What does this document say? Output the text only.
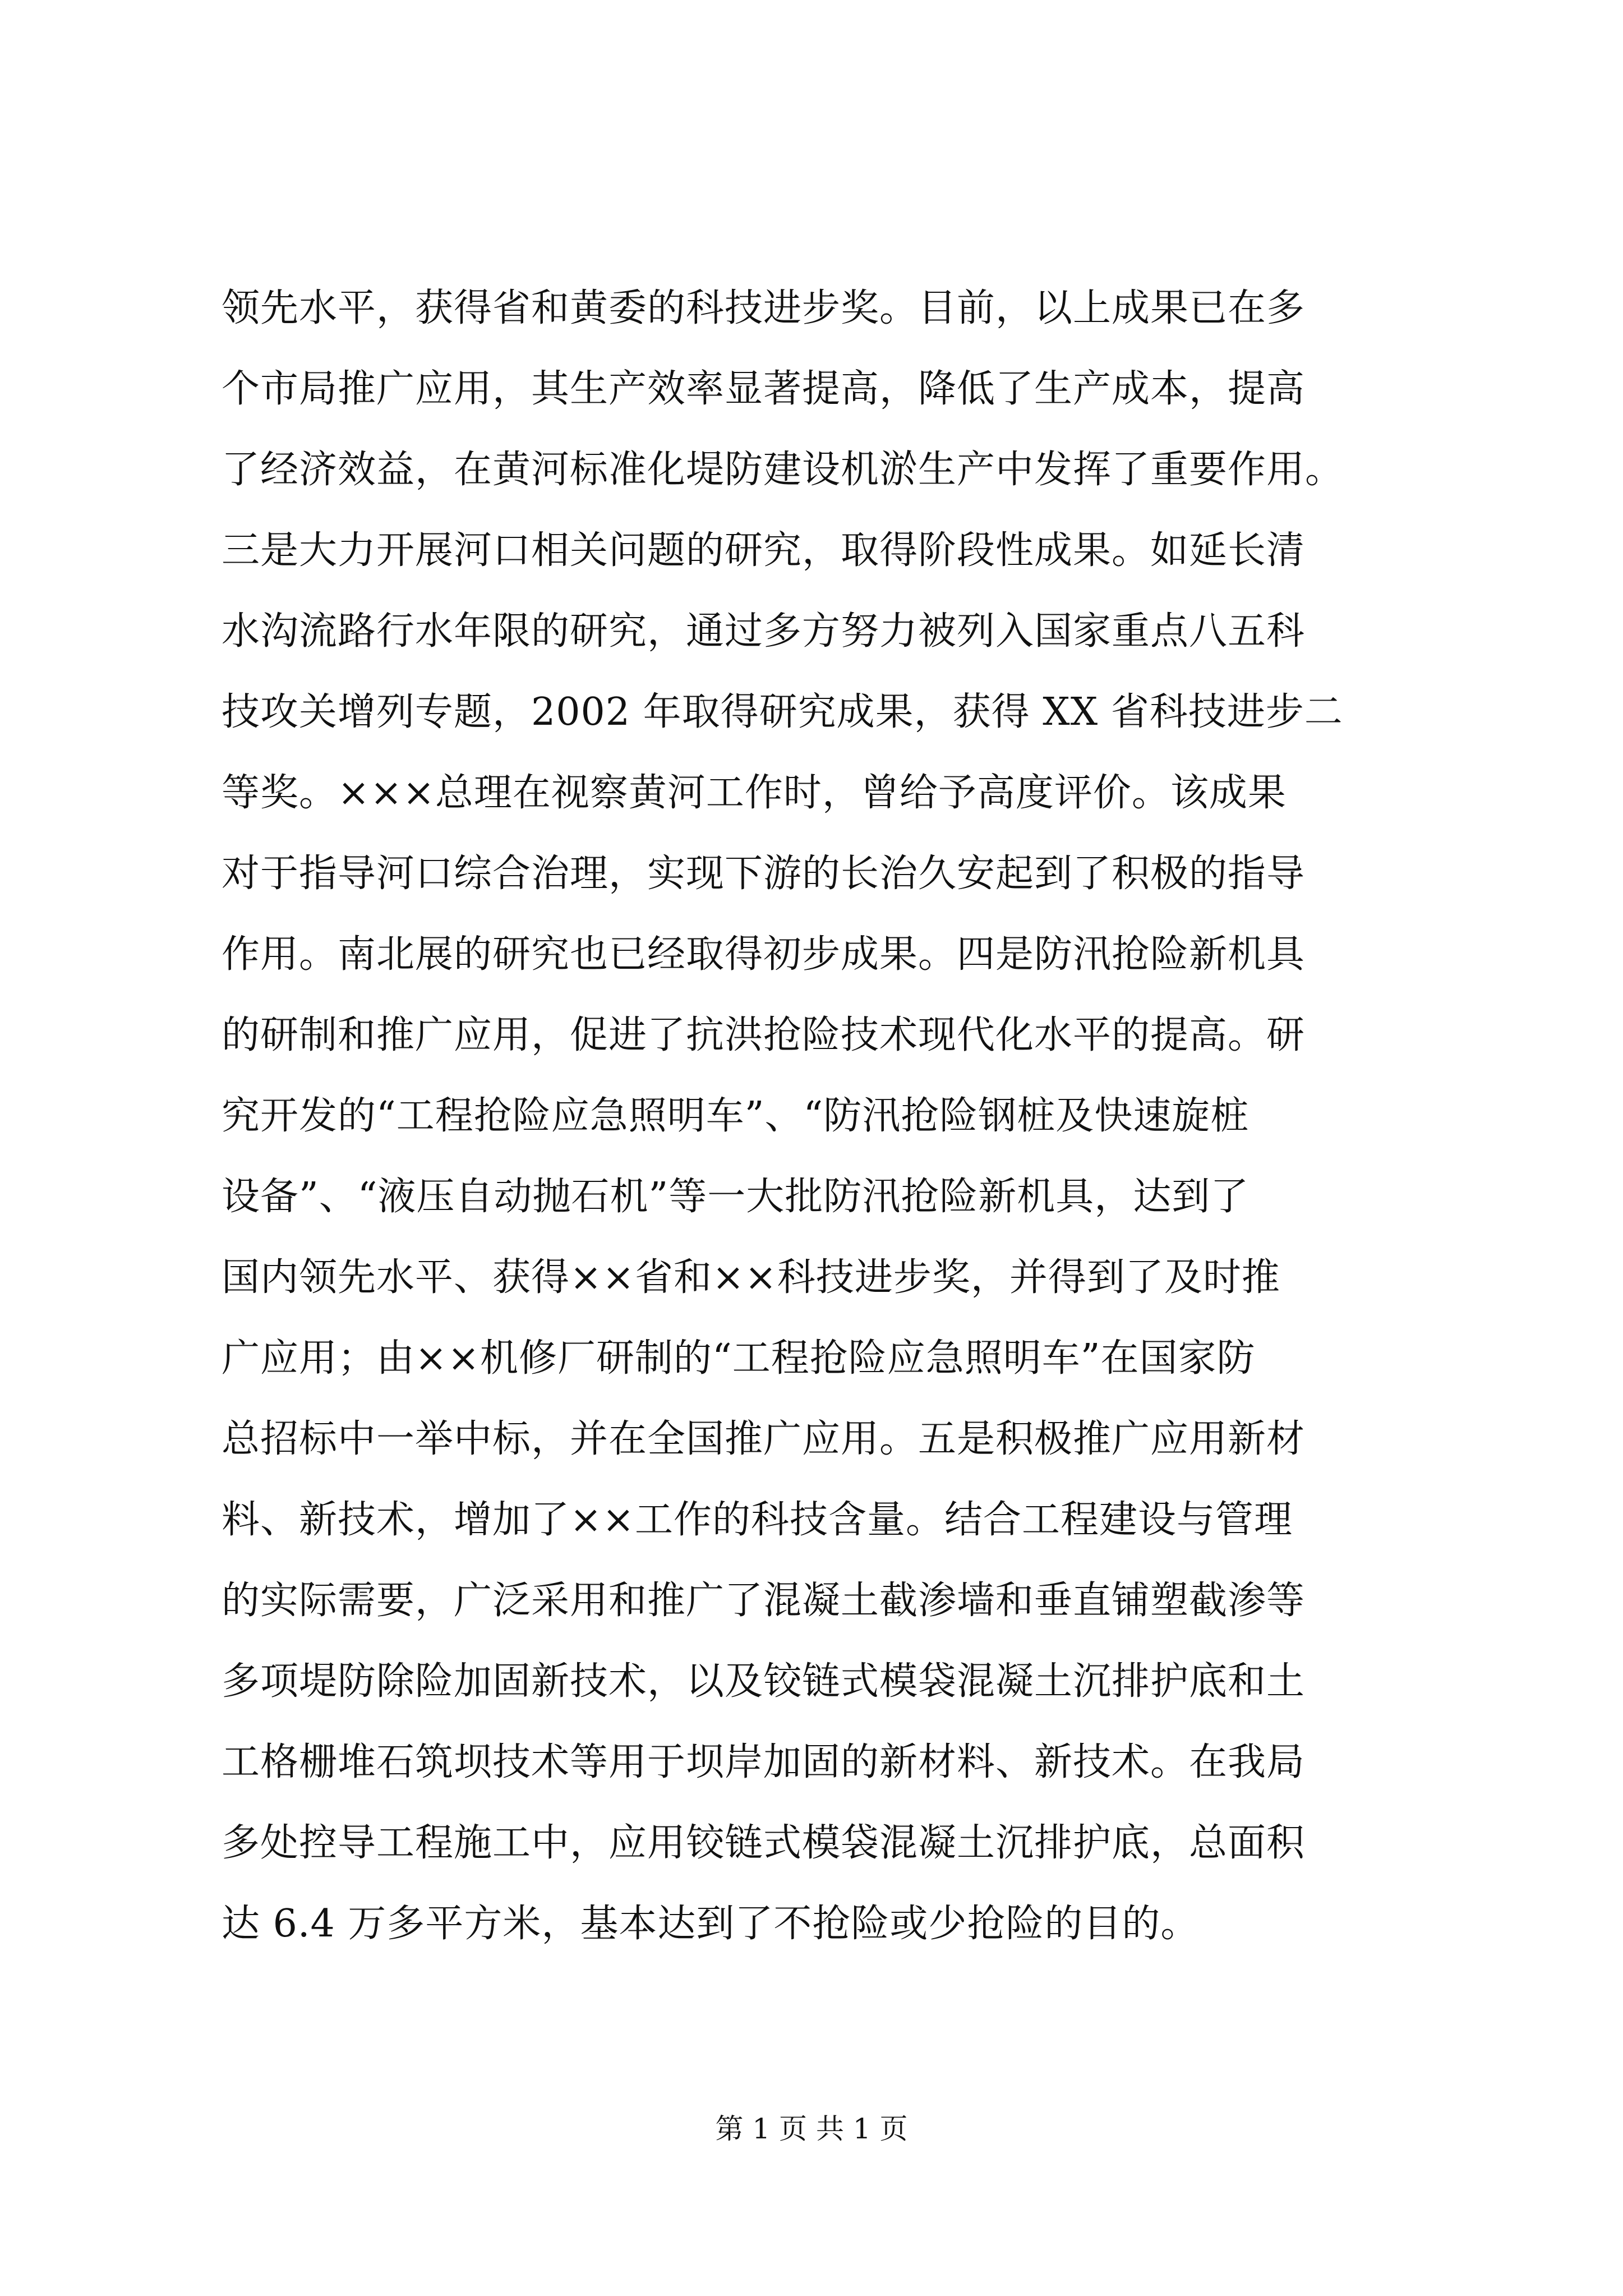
领先水平，获得省和黄委的科技进步奖。目前，以上成果已在多
个市局推广应用，其生产效率显著提高，降低了生产成本，提高
了经济效益，在黄河标准化堤防建设机淤生产中发挥了重要作用。
三是大力开展河口相关问题的研究，取得阶段性成果。如延长清
水沟流路行水年限的研究，通过多方努力被列入国家重点八五科
技攻关增列专题，2002 年取得研究成果，获得 XX 省科技进步二
等奖。×××总理在视察黄河工作时，曾给予高度评价。该成果
对于指导河口综合治理，实现下游的长治久安起到了积极的指导
作用。南北展的研究也已经取得初步成果。四是防汛抢险新机具
的研制和推广应用，促进了抗洪抢险技术现代化水平的提高。研
究开发的“工程抢险应急照明车”、“防汛抢险钢桩及快速旋桩
设备”、“液压自动抛石机”等一大批防汛抢险新机具，达到了
国内领先水平、获得××省和××科技进步奖，并得到了及时推
广应用；由××机修厂研制的“工程抢险应急照明车”在国家防
总招标中一举中标，并在全国推广应用。五是积极推广应用新材
料、新技术，增加了××工作的科技含量。结合工程建设与管理
的实际需要，广泛采用和推广了混凝土截渗墙和垂直铺塑截渗等
多项堤防除险加固新技术，以及铰链式模袋混凝土沉排护底和土
工格栅堆石筑坝技术等用于坝岸加固的新材料、新技术。在我局
多处控导工程施工中，应用铰链式模袋混凝土沉排护底，总面积
达 6.4 万多平方米，基本达到了不抢险或少抢险的目的。
第 1 页 共 1 页
